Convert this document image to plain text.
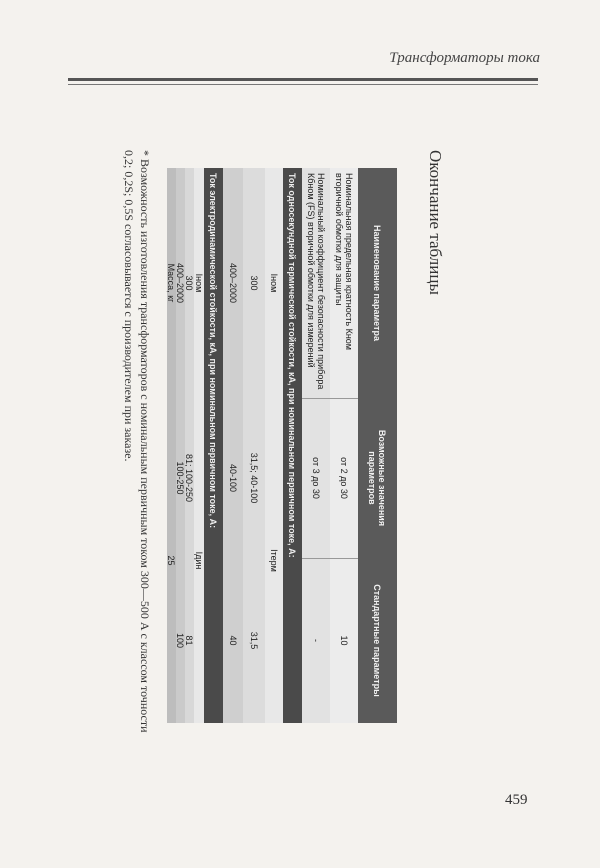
Трансформаторы тока
Окончание таблицы
Наименование параметра
Возможные значения параметров
Стандартные параметры
Номинальная предельная кратность Кном вторичной обмотки для защиты
от 2 до 30
10
Номинальный коэффициент безопасности прибора Кбном (FS) вторичной обмотки для измерений
от 3 до 30
-
Ток односекундной термической стойкости, кА, при номинальном первичном токе, А:
Iном
Iтерм
300
31,5; 40-100
31,5
400–2000
40-100
40
Ток электродинамической стойкости, кА, при номинальном первичном токе, А:
Iном
Iдин
300
81; 100-250
81
400–2000
100-250
100
Масса, кг
25
* Возможность изготовления трансформаторов с номинальным первичным током 300—500 А с классом точности 0,2; 0,2S; 0,5S согласовывается с производителем при заказе.
459
